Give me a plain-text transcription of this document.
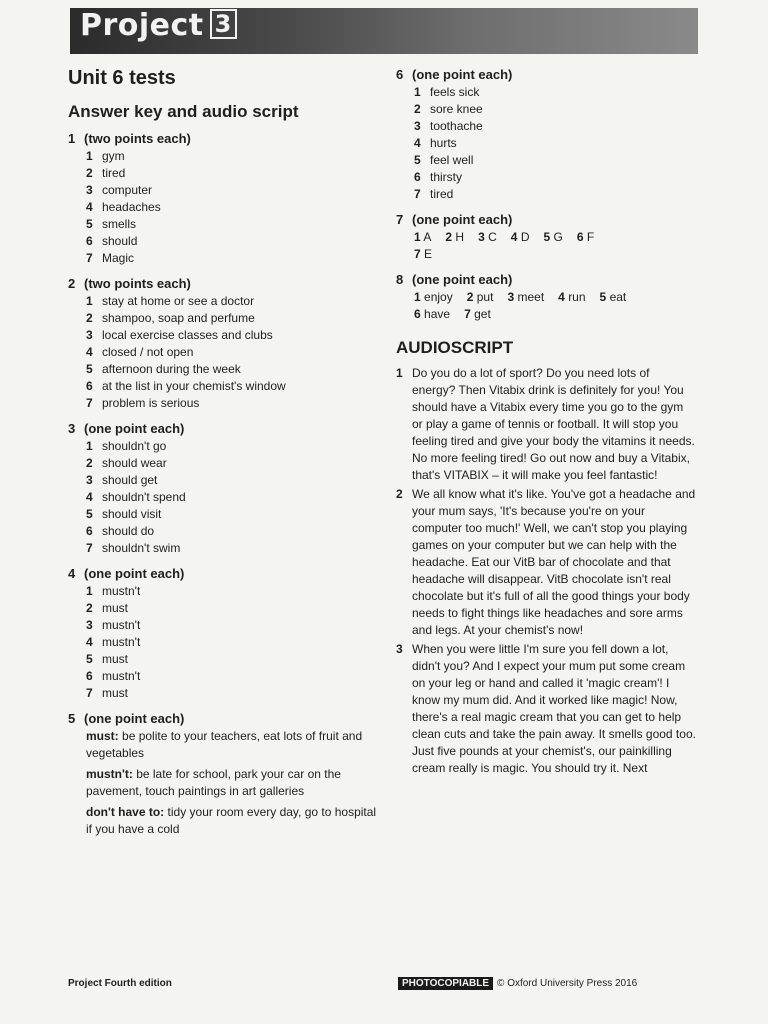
Project 3
Unit 6 tests
Answer key and audio script
1 (two points each)
1 gym
2 tired
3 computer
4 headaches
5 smells
6 should
7 Magic
2 (two points each)
1 stay at home or see a doctor
2 shampoo, soap and perfume
3 local exercise classes and clubs
4 closed / not open
5 afternoon during the week
6 at the list in your chemist's window
7 problem is serious
3 (one point each)
1 shouldn't go
2 should wear
3 should get
4 shouldn't spend
5 should visit
6 should do
7 shouldn't swim
4 (one point each)
1 mustn't
2 must
3 mustn't
4 mustn't
5 must
6 mustn't
7 must
5 (one point each)
must: be polite to your teachers, eat lots of fruit and vegetables
mustn't: be late for school, park your car on the pavement, touch paintings in art galleries
don't have to: tidy your room every day, go to hospital if you have a cold
6 (one point each)
1 feels sick
2 sore knee
3 toothache
4 hurts
5 feel well
6 thirsty
7 tired
7 (one point each)
1 A 2 H 3 C 4 D 5 G 6 F
7 E
8 (one point each)
1 enjoy 2 put 3 meet 4 run 5 eat
6 have 7 get
AUDIOSCRIPT
1 Do you do a lot of sport? Do you need lots of energy? Then Vitabix drink is definitely for you! You should have a Vitabix every time you go to the gym or play a game of tennis or football. It will stop you feeling tired and give your body the vitamins it needs. No more feeling tired! Go out now and buy a Vitabix, that's VITABIX – it will make you feel fantastic!
2 We all know what it's like. You've got a headache and your mum says, 'It's because you're on your computer too much!' Well, we can't stop you playing games on your computer but we can help with the headache. Eat our VitB bar of chocolate and that headache will disappear. VitB chocolate isn't real chocolate but it's full of all the good things your body needs to fight things like headaches and sore arms and legs. At your chemist's now!
3 When you were little I'm sure you fell down a lot, didn't you? And I expect your mum put some cream on your leg or hand and called it 'magic cream'! I know my mum did. And it worked like magic! Now, there's a real magic cream that you can get to help clean cuts and take the pain away. It smells good too. Just five pounds at your chemist's, our painkilling cream really is magic. You should try it. Next
Project Fourth edition	PHOTOCOPIABLE © Oxford University Press 2016
